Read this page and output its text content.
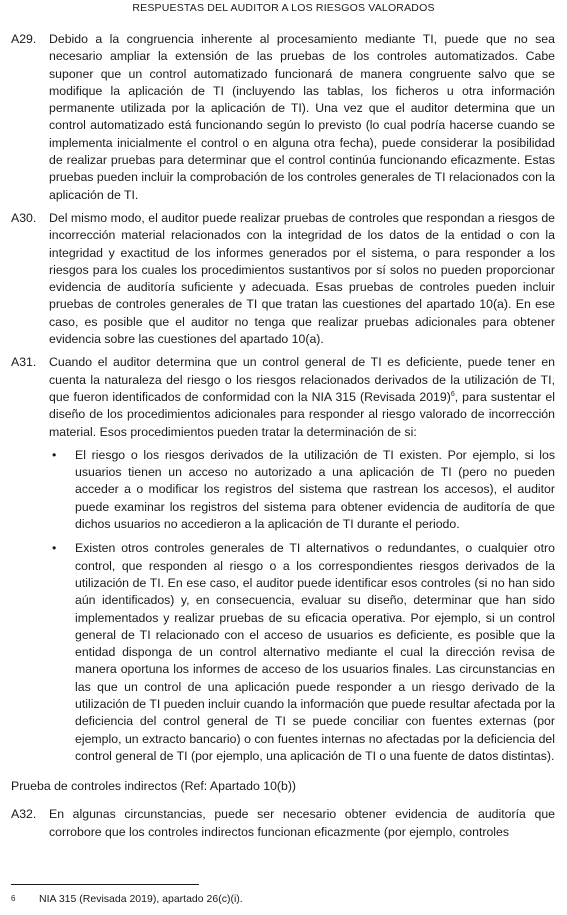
RESPUESTAS DEL AUDITOR A LOS RIESGOS VALORADOS
A29.	Debido a la congruencia inherente al procesamiento mediante TI, puede que no sea necesario ampliar la extensión de las pruebas de los controles automatizados. Cabe suponer que un control automatizado funcionará de manera congruente salvo que se modifique la aplicación de TI (incluyendo las tablas, los ficheros u otra información permanente utilizada por la aplicación de TI). Una vez que el auditor determina que un control automatizado está funcionando según lo previsto (lo cual podría hacerse cuando se implementa inicialmente el control o en alguna otra fecha), puede considerar la posibilidad de realizar pruebas para determinar que el control continúa funcionando eficazmente. Estas pruebas pueden incluir la comprobación de los controles generales de TI relacionados con la aplicación de TI.
A30.	Del mismo modo, el auditor puede realizar pruebas de controles que respondan a riesgos de incorrección material relacionados con la integridad de los datos de la entidad o con la integridad y exactitud de los informes generados por el sistema, o para responder a los riesgos para los cuales los procedimientos sustantivos por sí solos no pueden proporcionar evidencia de auditoría suficiente y adecuada. Esas pruebas de controles pueden incluir pruebas de controles generales de TI que tratan las cuestiones del apartado 10(a). En ese caso, es posible que el auditor no tenga que realizar pruebas adicionales para obtener evidencia sobre las cuestiones del apartado 10(a).
A31.	Cuando el auditor determina que un control general de TI es deficiente, puede tener en cuenta la naturaleza del riesgo o los riesgos relacionados derivados de la utilización de TI, que fueron identificados de conformidad con la NIA 315 (Revisada 2019)$^6$, para sustentar el diseño de los procedimientos adicionales para responder al riesgo valorado de incorrección material. Esos procedimientos pueden tratar la determinación de si:
•	El riesgo o los riesgos derivados de la utilización de TI existen. Por ejemplo, si los usuarios tienen un acceso no autorizado a una aplicación de TI (pero no pueden acceder a o modificar los registros del sistema que rastrean los accesos), el auditor puede examinar los registros del sistema para obtener evidencia de auditoría de que dichos usuarios no accedieron a la aplicación de TI durante el periodo.
•	Existen otros controles generales de TI alternativos o redundantes, o cualquier otro control, que responden al riesgo o a los correspondientes riesgos derivados de la utilización de TI. En ese caso, el auditor puede identificar esos controles (si no han sido aún identificados) y, en consecuencia, evaluar su diseño, determinar que han sido implementados y realizar pruebas de su eficacia operativa. Por ejemplo, si un control general de TI relacionado con el acceso de usuarios es deficiente, es posible que la entidad disponga de un control alternativo mediante el cual la dirección revisa de manera oportuna los informes de acceso de los usuarios finales. Las circunstancias en las que un control de una aplicación puede responder a un riesgo derivado de la utilización de TI pueden incluir cuando la información que puede resultar afectada por la deficiencia del control general de TI se puede conciliar con fuentes externas (por ejemplo, un extracto bancario) o con fuentes internas no afectadas por la deficiencia del control general de TI (por ejemplo, una aplicación de TI o una fuente de datos distintas).
Prueba de controles indirectos (Ref: Apartado 10(b))
A32.	En algunas circunstancias, puede ser necesario obtener evidencia de auditoría que corrobore que los controles indirectos funcionan eficazmente (por ejemplo, controles
6	NIA 315 (Revisada 2019), apartado 26(c)(i).
